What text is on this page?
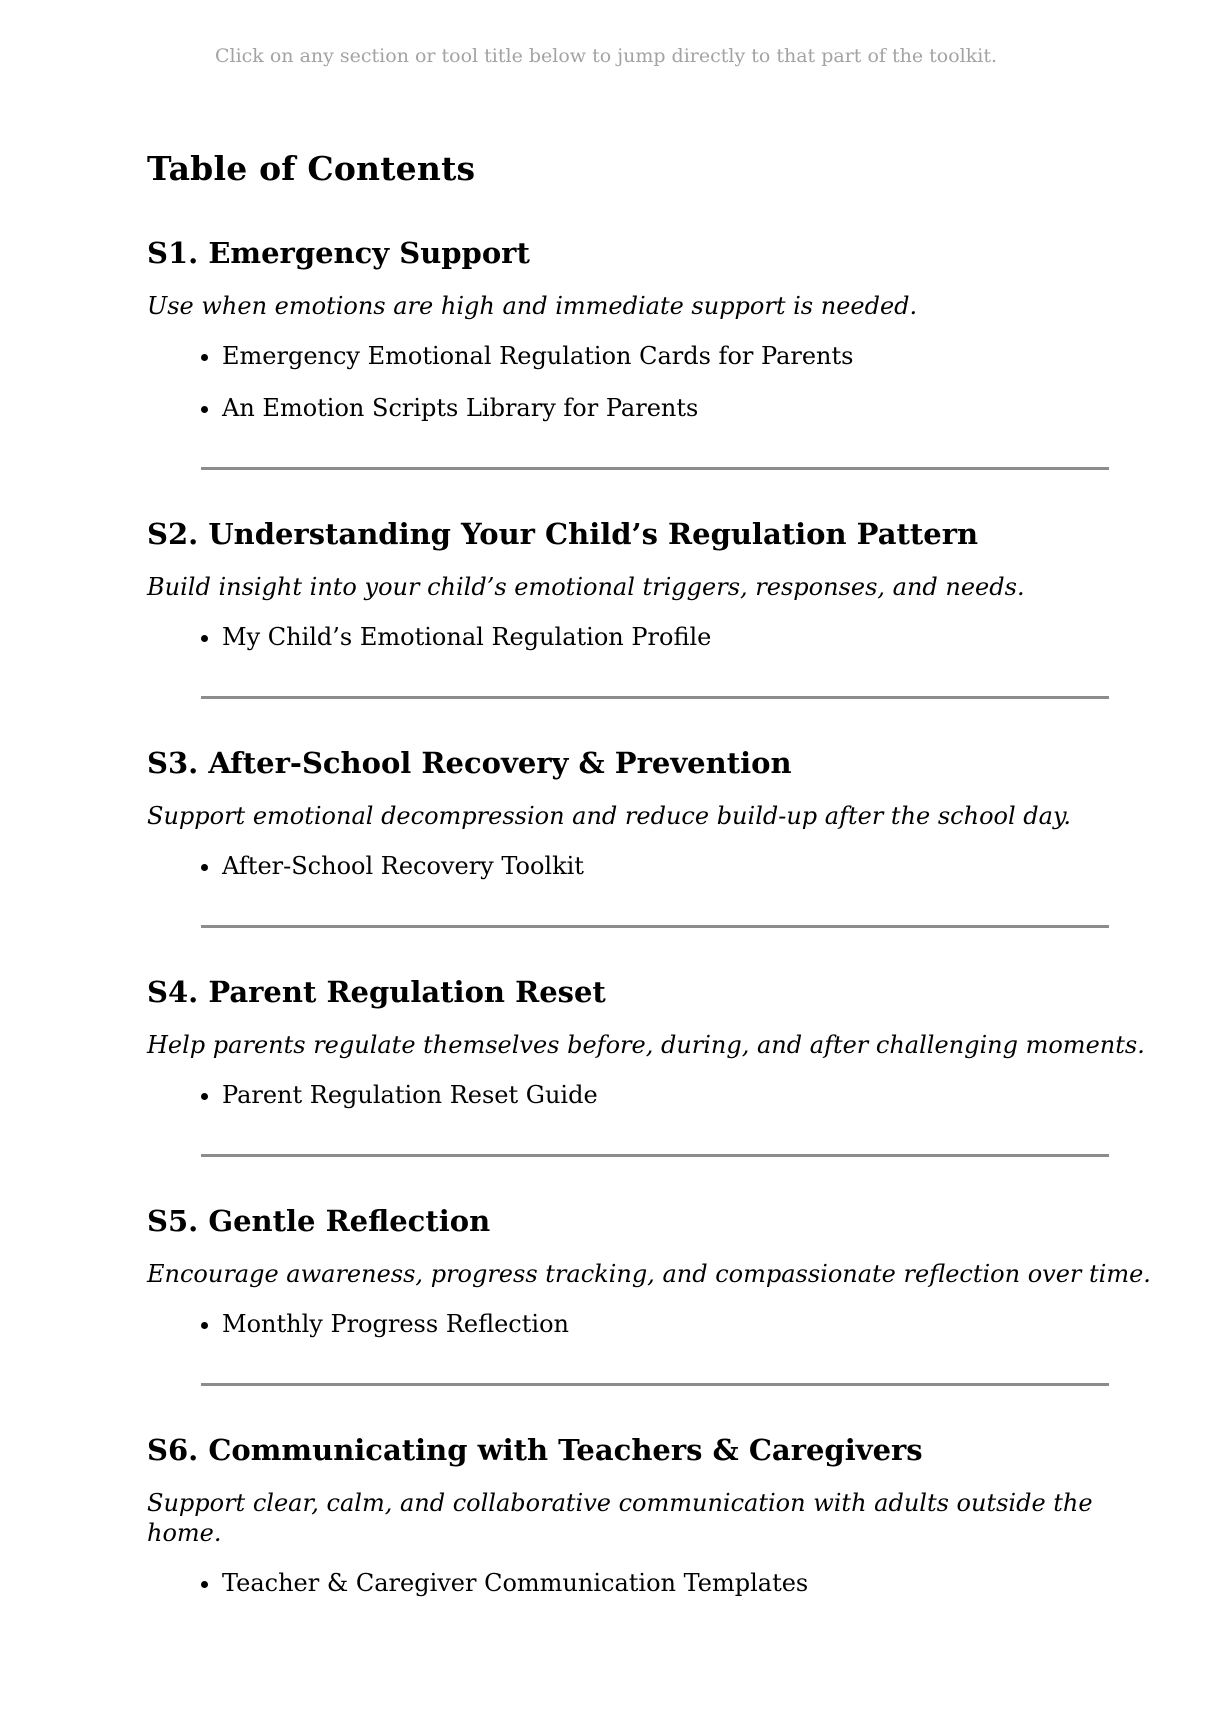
Click on any section or tool title below to jump directly to that part of the toolkit.
Table of Contents
S1. Emergency Support

Use when emotions are high and immediate support is needed.

• Emergency Emotional Regulation Cards for Parents
• An Emotion Scripts Library for Parents
S2. Understanding Your Child’s Regulation Pattern

Build insight into your child’s emotional triggers, responses, and needs.

• My Child’s Emotional Regulation Profile
S3. After-School Recovery & Prevention

Support emotional decompression and reduce build-up after the school day.

• After-School Recovery Toolkit
S4. Parent Regulation Reset

Help parents regulate themselves before, during, and after challenging moments.

• Parent Regulation Reset Guide
S5. Gentle Reflection

Encourage awareness, progress tracking, and compassionate reflection over time.

• Monthly Progress Reflection
S6. Communicating with Teachers & Caregivers

Support clear, calm, and collaborative communication with adults outside the home.

• Teacher & Caregiver Communication Templates
